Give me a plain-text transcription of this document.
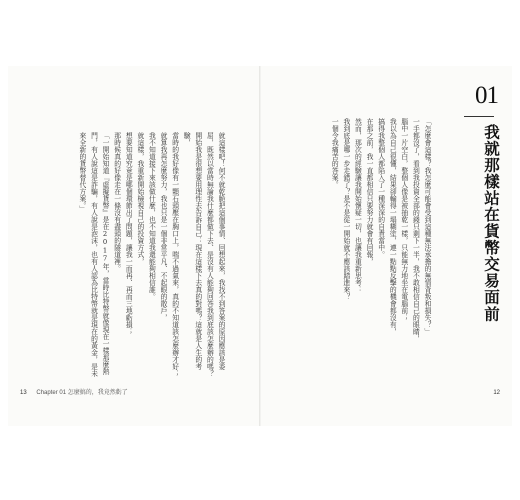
就這樣吧！何不就乾脆把這個事情、回想起來，我找不到答案的原因應該是委屈，既然以當時無論我什麼都做下去、是沒有人能夠回答我到底該怎麼辦的嗎？
開始我是很想要用理性去告訴自己：現在這樣下去真的對嗎？這就是人生的考驗，
當時的我好像有一顆石頭壓在胸口上，喘不過氣來，真的不知道該怎麼辦才好；
就算我再怎麼努力，我也只是一個非常平凡、不起眼的散戶，
我不知道接下來該做什麼，也不知道我還能夠相信誰。
就這樣，我重新開始檢視自己的投資方式，
想要知道究竟是哪個環節出了問題，讓我一而再、再而三地虧損；
那時候真的好像走在一條沒有盡頭的隧道裡。
「一開始知道『虛擬貨幣』是在2017年，當時比特幣就像現在一樣那麼熱門，有人說這是詐騙，有人說是泡沫，也有人認為比特幣就是現在的黃金，是未來全新的貨幣替代方案。」
13 Chapter 01 怎麼搞的，我竟然虧了
01
我就那樣站在貨幣交易面前
「怎麼會這樣？我怎麼可能會受到這種無法承擔的無情背叛和損失？」
一手都沒了，看到我投資全部的錢只剩下一半，我不敢相信自己的眼睛，
腦中一片空白，整個人像是被抽乾一樣，只能無力地坐在電腦前；
我以為自己很懂，結果卻輸得一塌糊塗，連一點點反擊的機會都沒有，
搞得我整個人都陷入了一種深深的自責當中。
在那之前，我一直都相信只要努力就會有回報，
然而，那次的經驗讓我開始懷疑一切，也讓我重新思考：
我到底是哪一步走錯了？是不是從一開始就不應該踏進來？
一個令我痛苦的答案。
12
